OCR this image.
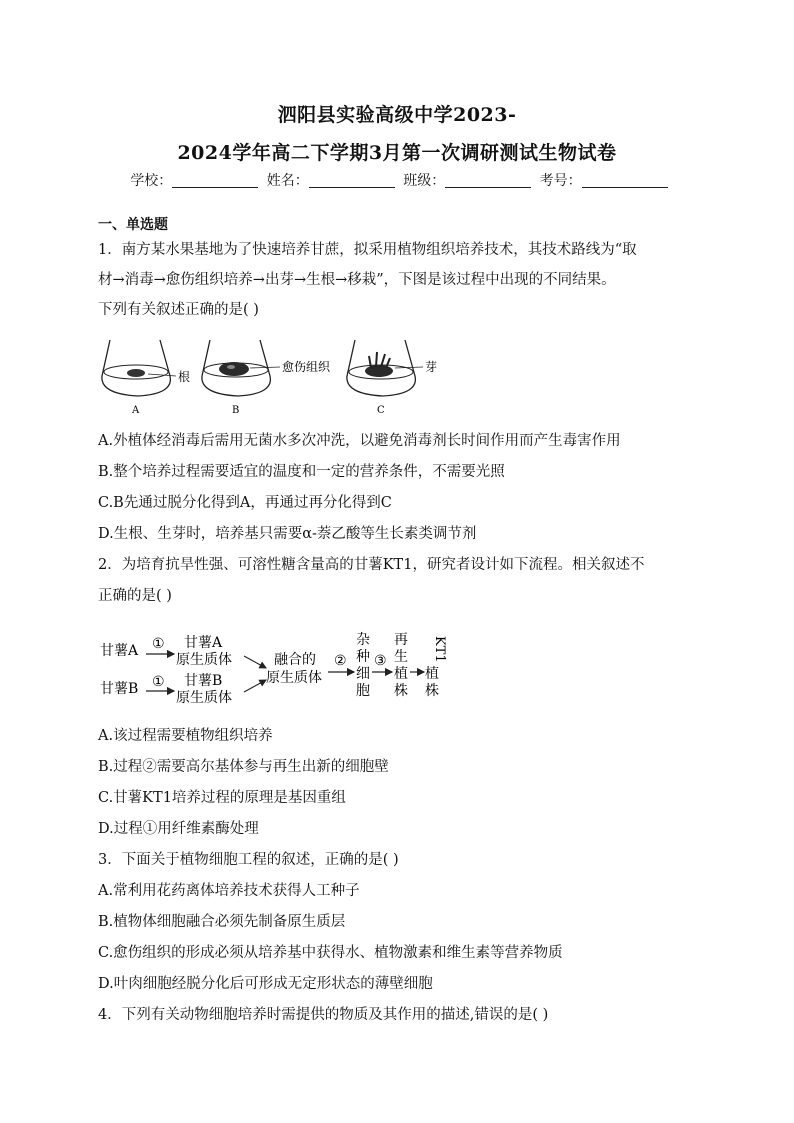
泗阳县实验高级中学2023-
2024学年高二下学期3月第一次调研测试生物试卷
学校：	姓名：	班级：	考号：
一、单选题
1．南方某水果基地为了快速培养甘蔗，拟采用植物组织培养技术，其技术路线为“取
材→消毒→愈伤组织培养→出芽→生根→移栽”，下图是该过程中出现的不同结果。
下列有关叙述正确的是( )
根
A
愈伤组织
B
芽
C
A.外植体经消毒后需用无菌水多次冲洗，以避免消毒剂长时间作用而产生毒害作用
B.整个培养过程需要适宜的温度和一定的营养条件，不需要光照
C.B先通过脱分化得到A，再通过再分化得到C
D.生根、生芽时，培养基只需要α-萘乙酸等生长素类调节剂
2．为培育抗旱性强、可溶性糖含量高的甘薯KT1，研究者设计如下流程。相关叙述不
正确的是( )
甘薯A ① 甘薯A
原生质体
甘薯B ① 甘薯B
原生质体
融合的
原生质体
②
杂
种
细
胞
③
再
生
植
株
KT1
植
株
A.该过程需要植物组织培养
B.过程②需要高尔基体参与再生出新的细胞壁
C.甘薯KT1培养过程的原理是基因重组
D.过程①用纤维素酶处理
3．下面关于植物细胞工程的叙述，正确的是( )
A.常利用花药离体培养技术获得人工种子
B.植物体细胞融合必须先制备原生质层
C.愈伤组织的形成必须从培养基中获得水、植物激素和维生素等营养物质
D.叶肉细胞经脱分化后可形成无定形状态的薄壁细胞
4．下列有关动物细胞培养时需提供的物质及其作用的描述,错误的是( )
